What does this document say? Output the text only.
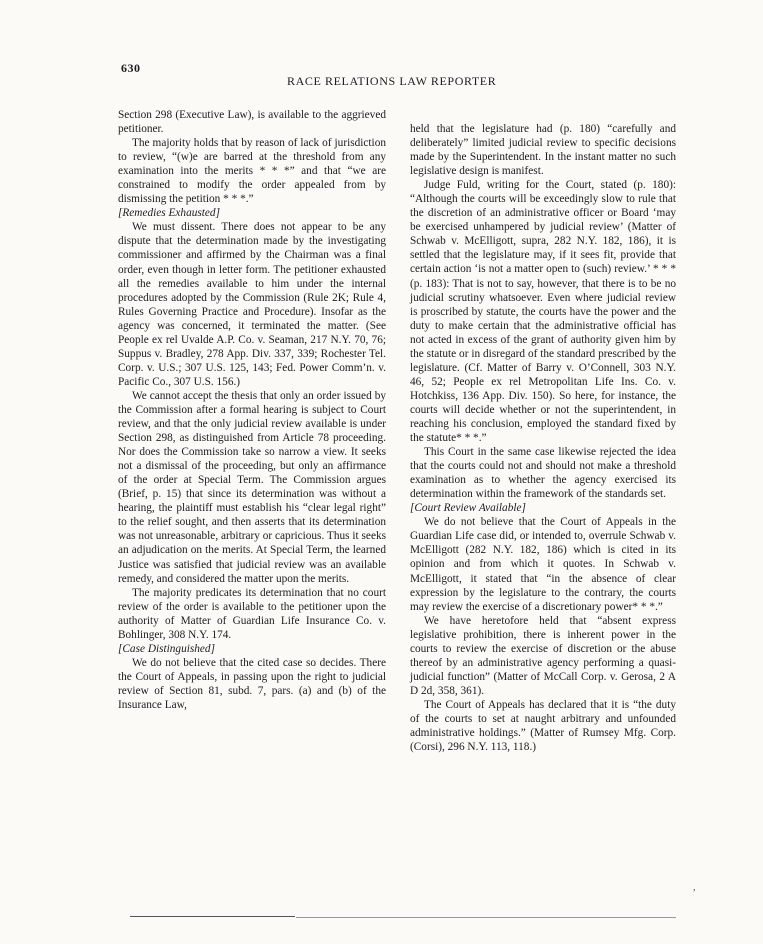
630
RACE RELATIONS LAW REPORTER

Section 298 (Executive Law), is available to the aggrieved petitioner.

The majority holds that by reason of lack of jurisdiction to review, “(w)e are barred at the threshold from any examination into the merits * * *” and that “we are constrained to modify the order appealed from by dismissing the petition * * *.”

[Remedies Exhausted]

We must dissent. There does not appear to be any dispute that the determination made by the investigating commissioner and affirmed by the Chairman was a final order, even though in letter form. The petitioner exhausted all the remedies available to him under the internal procedures adopted by the Commission (Rule 2K; Rule 4, Rules Governing Practice and Procedure). Insofar as the agency was concerned, it terminated the matter. (See People ex rel Uvalde A.P. Co. v. Seaman, 217 N.Y. 70, 76; Suppus v. Bradley, 278 App. Div. 337, 339; Rochester Tel. Corp. v. U.S.; 307 U.S. 125, 143; Fed. Power Comm’n. v. Pacific Co., 307 U.S. 156.)

We cannot accept the thesis that only an order issued by the Commission after a formal hearing is subject to Court review, and that the only judicial review available is under Section 298, as distinguished from Article 78 proceeding. Nor does the Commission take so narrow a view. It seeks not a dismissal of the proceeding, but only an affirmance of the order at Special Term. The Commission argues (Brief, p. 15) that since its determination was without a hearing, the plaintiff must establish his “clear legal right” to the relief sought, and then asserts that its determination was not unreasonable, arbitrary or capricious. Thus it seeks an adjudication on the merits. At Special Term, the learned Justice was satisfied that judicial review was an available remedy, and considered the matter upon the merits.

The majority predicates its determination that no court review of the order is available to the petitioner upon the authority of Matter of Guardian Life Insurance Co. v. Bohlinger, 308 N.Y. 174.

[Case Distinguished]

We do not believe that the cited case so decides. There the Court of Appeals, in passing upon the right to judicial review of Section 81, subd. 7, pars. (a) and (b) of the Insurance Law,

held that the legislature had (p. 180) “carefully and deliberately” limited judicial review to specific decisions made by the Superintendent. In the instant matter no such legislative design is manifest.

Judge Fuld, writing for the Court, stated (p. 180): “Although the courts will be exceedingly slow to rule that the discretion of an administrative officer or Board ‘may be exercised unhampered by judicial review’ (Matter of Schwab v. McElligott, supra, 282 N.Y. 182, 186), it is settled that the legislature may, if it sees fit, provide that certain action ‘is not a matter open to (such) review.’ * * * (p. 183): That is not to say, however, that there is to be no judicial scrutiny whatsoever. Even where judicial review is proscribed by statute, the courts have the power and the duty to make certain that the administrative official has not acted in excess of the grant of authority given him by the statute or in disregard of the standard prescribed by the legislature. (Cf. Matter of Barry v. O’Connell, 303 N.Y. 46, 52; People ex rel Metropolitan Life Ins. Co. v. Hotchkiss, 136 App. Div. 150). So here, for instance, the courts will decide whether or not the superintendent, in reaching his conclusion, employed the standard fixed by the statute* * *.”

This Court in the same case likewise rejected the idea that the courts could not and should not make a threshold examination as to whether the agency exercised its determination within the framework of the standards set.

[Court Review Available]

We do not believe that the Court of Appeals in the Guardian Life case did, or intended to, overrule Schwab v. McElligott (282 N.Y. 182, 186) which is cited in its opinion and from which it quotes. In Schwab v. McElligott, it stated that “in the absence of clear expression by the legislature to the contrary, the courts may review the exercise of a discretionary power* * *.”

We have heretofore held that “absent express legislative prohibition, there is inherent power in the courts to review the exercise of discretion or the abuse thereof by an administrative agency performing a quasi-judicial function” (Matter of McCall Corp. v. Gerosa, 2 A D 2d, 358, 361).

The Court of Appeals has declared that it is “the duty of the courts to set at naught arbitrary and unfounded administrative holdings.” (Matter of Rumsey Mfg. Corp. (Corsi), 296 N.Y. 113, 118.)

,
